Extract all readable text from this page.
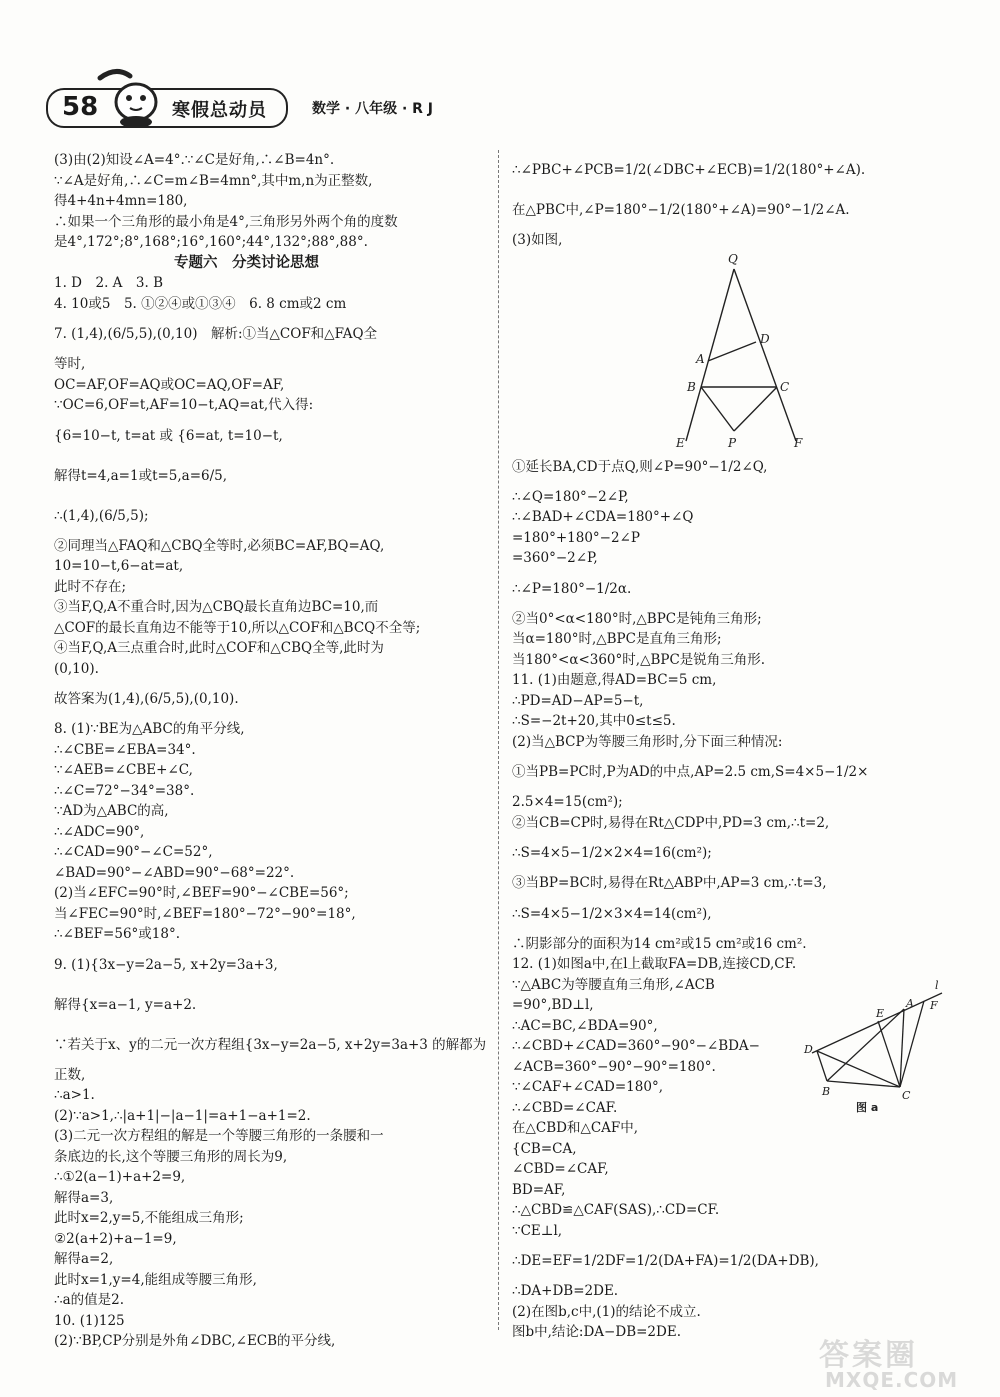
58	寒假总动员	数学 · 八年级 · R J
(3)由(2)知设∠A=4°.∵∠C是好角,∴∠B=4n°.
∵∠A是好角,∴∠C=m∠B=4mn°,其中m,n为正整数,
得4+4n+4mn=180,
∴如果一个三角形的最小角是4°,三角形另外两个角的度数
是4°,172°;8°,168°;16°,160°;44°,132°;88°,88°.
专题六　分类讨论思想
1. D　2. A　3. B
4. 10或5　5. ①②④或①③④　6. 8 cm或2 cm
7. (1,4),(6/5,5),(0,10)　解析:①当△COF和△FAQ全
等时,
OC=AF,OF=AQ或OC=AQ,OF=AF,
∵OC=6,OF=t,AF=10−t,AQ=at,代入得:
{6=10−t, t=at 或 {6=at, t=10−t,
解得t=4,a=1或t=5,a=6/5,
∴(1,4),(6/5,5);
②同理当△FAQ和△CBQ全等时,必须BC=AF,BQ=AQ,
10=10−t,6−at=at,
此时不存在;
③当F,Q,A不重合时,因为△CBQ最长直角边BC=10,而
△COF的最长直角边不能等于10,所以△COF和△BCQ不全等;
④当F,Q,A三点重合时,此时△COF和△CBQ全等,此时为
(0,10).
故答案为(1,4),(6/5,5),(0,10).
8. (1)∵BE为△ABC的角平分线,
∴∠CBE=∠EBA=34°.
∵∠AEB=∠CBE+∠C,
∴∠C=72°−34°=38°.
∵AD为△ABC的高,
∴∠ADC=90°,
∴∠CAD=90°−∠C=52°,
∠BAD=90°−∠ABD=90°−68°=22°.
(2)当∠EFC=90°时,∠BEF=90°−∠CBE=56°;
当∠FEC=90°时,∠BEF=180°−72°−90°=18°,
∴∠BEF=56°或18°.
9. (1){3x−y=2a−5, x+2y=3a+3,
解得{x=a−1, y=a+2.
∵若关于x、y的二元一次方程组{3x−y=2a−5, x+2y=3a+3 的解都为
正数,
∴a>1.
(2)∵a>1,∴|a+1|−|a−1|=a+1−a+1=2.
(3)二元一次方程组的解是一个等腰三角形的一条腰和一
条底边的长,这个等腰三角形的周长为9,
∴①2(a−1)+a+2=9,
解得a=3,
此时x=2,y=5,不能组成三角形;
②2(a+2)+a−1=9,
解得a=2,
此时x=1,y=4,能组成等腰三角形,
∴a的值是2.
10. (1)125
(2)∵BP,CP分别是外角∠DBC,∠ECB的平分线,
∴∠PBC+∠PCB=1/2(∠DBC+∠ECB)=1/2(180°+∠A).
在△PBC中,∠P=180°−1/2(180°+∠A)=90°−1/2∠A.
(3)如图,
Q
D
A
B	C
E	P	F
①延长BA,CD于点Q,则∠P=90°−1/2∠Q,
∴∠Q=180°−2∠P,
∴∠BAD+∠CDA=180°+∠Q
=180°+180°−2∠P
=360°−2∠P,
∴∠P=180°−1/2α.
②当0°<α<180°时,△BPC是钝角三角形;
当α=180°时,△BPC是直角三角形;
当180°<α<360°时,△BPC是锐角三角形.
11. (1)由题意,得AD=BC=5 cm,
∴PD=AD−AP=5−t,
∴S=−2t+20,其中0≤t≤5.
(2)当△BCP为等腰三角形时,分下面三种情况:
①当PB=PC时,P为AD的中点,AP=2.5 cm,S=4×5−1/2×
2.5×4=15(cm²);
②当CB=CP时,易得在Rt△CDP中,PD=3 cm,∴t=2,
∴S=4×5−1/2×2×4=16(cm²);
③当BP=BC时,易得在Rt△ABP中,AP=3 cm,∴t=3,
∴S=4×5−1/2×3×4=14(cm²),
∴阴影部分的面积为14 cm²或15 cm²或16 cm².
12. (1)如图a中,在l上截取FA=DB,连接CD,CF.
l
A F
E
D
B	C
图 a
∵△ABC为等腰直角三角形,∠ACB
=90°,BD⊥l,
∴AC=BC,∠BDA=90°,
∴∠CBD+∠CAD=360°−90°−∠BDA−
∠ACB=360°−90°−90°=180°.
∵∠CAF+∠CAD=180°,
∴∠CBD=∠CAF.
在△CBD和△CAF中,
{CB=CA,
∠CBD=∠CAF,
BD=AF,
∴△CBD≌△CAF(SAS),∴CD=CF.
∵CE⊥l,
∴DE=EF=1/2DF=1/2(DA+FA)=1/2(DA+DB),
∴DA+DB=2DE.
(2)在图b,c中,(1)的结论不成立.
图b中,结论:DA−DB=2DE.
答案圈
MXQE.COM
